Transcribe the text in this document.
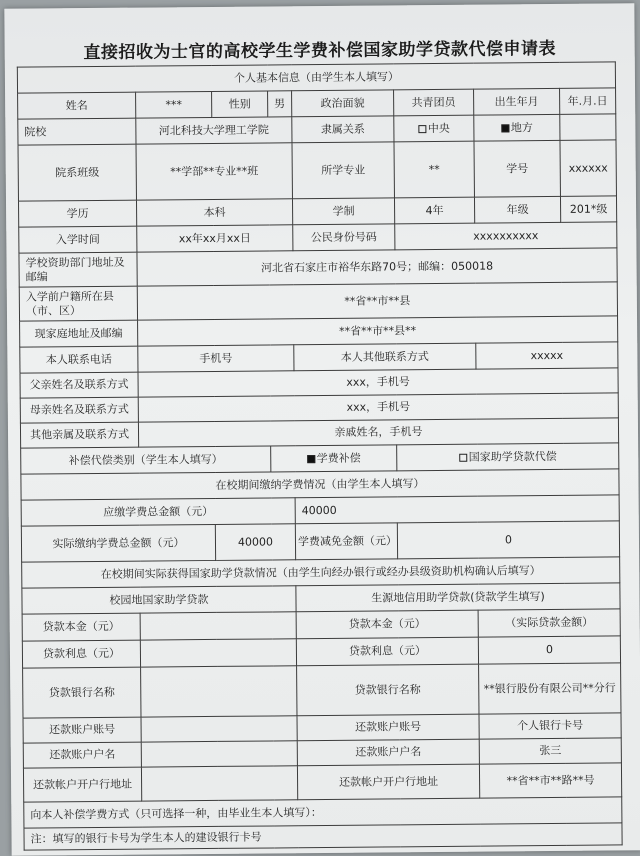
直接招收为士官的高校学生学费补偿国家助学贷款代偿申请表
个人基本信息（由学生本人填写）							
姓名	***	性别	男	政治面貌	共青团员	出生年月	年.月.日
院校	河北科技大学理工学院			隶属关系	中央	地方	
院系班级	**学部**专业**班			所学专业	**	学号	xxxxxx
学历	本科			学制	4年	年级	201*级
入学时间	xx年xx月xx日			公民身份号码	xxxxxxxxxx		
学校资助部门地址及邮编	河北省石家庄市裕华东路70号；邮编：050018						
入学前户籍所在县（市、区）	**省**市**县						
现家庭地址及邮编	**省**市**县**						
本人联系电话	手机号			本人其他联系方式		xxxxx	
父亲姓名及联系方式	xxx，手机号						
母亲姓名及联系方式	xxx，手机号						
其他亲属及联系方式	亲戚姓名，手机号						
补偿代偿类别（学生本人填写）			学费补偿		国家助学贷款代偿		
在校期间缴纳学费情况（由学生本人填写）							
应缴学费总金额（元）				40000			
实际缴纳学费总金额（元）		40000		学费减免金额（元）	0		
在校期间实际获得国家助学贷款情况（由学生向经办银行或经办县级资助机构确认后填写）							
校园地国家助学贷款				生源地信用助学贷款(贷款学生填写)			
贷款本金（元）				贷款本金（元）		（实际贷款金额）	
贷款利息（元）				贷款利息（元）		0	
贷款银行名称				贷款银行名称		**银行股份有限公司**分行	
还款账户账号				还款账户账号		个人银行卡号	
还款账户户名				还款账户户名		张三	
还款帐户开户行地址				还款帐户开户行地址		**省**市**路**号	
向本人补偿学费方式（只可选择一种，由毕业生本人填写）：							
注：填写的银行卡号为学生本人的建设银行卡号							
